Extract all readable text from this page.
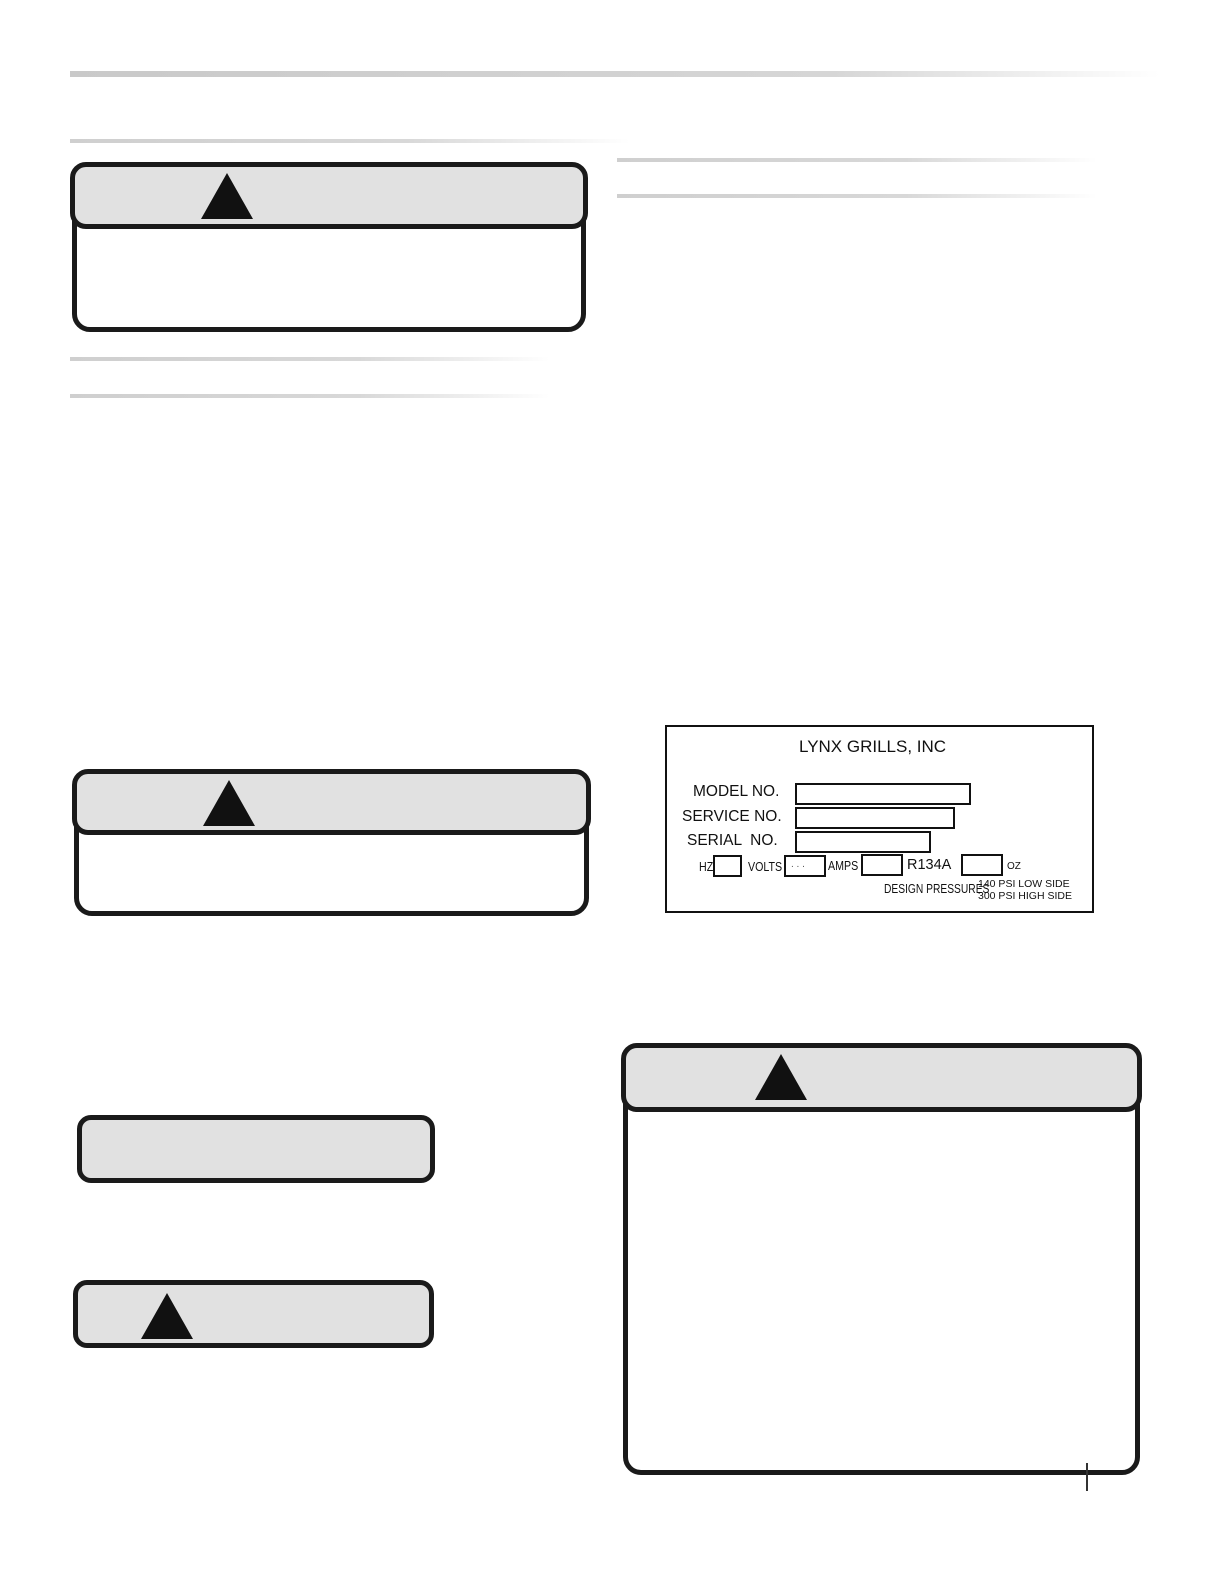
LYNX GRILLS, INC
MODEL NO.
SERVICE NO.
SERIAL  NO.
HZ	VOLTS . . . AMPS	R134A	OZ
DESIGN PRESSURES
140 PSI LOW SIDE
300 PSI HIGH SIDE
